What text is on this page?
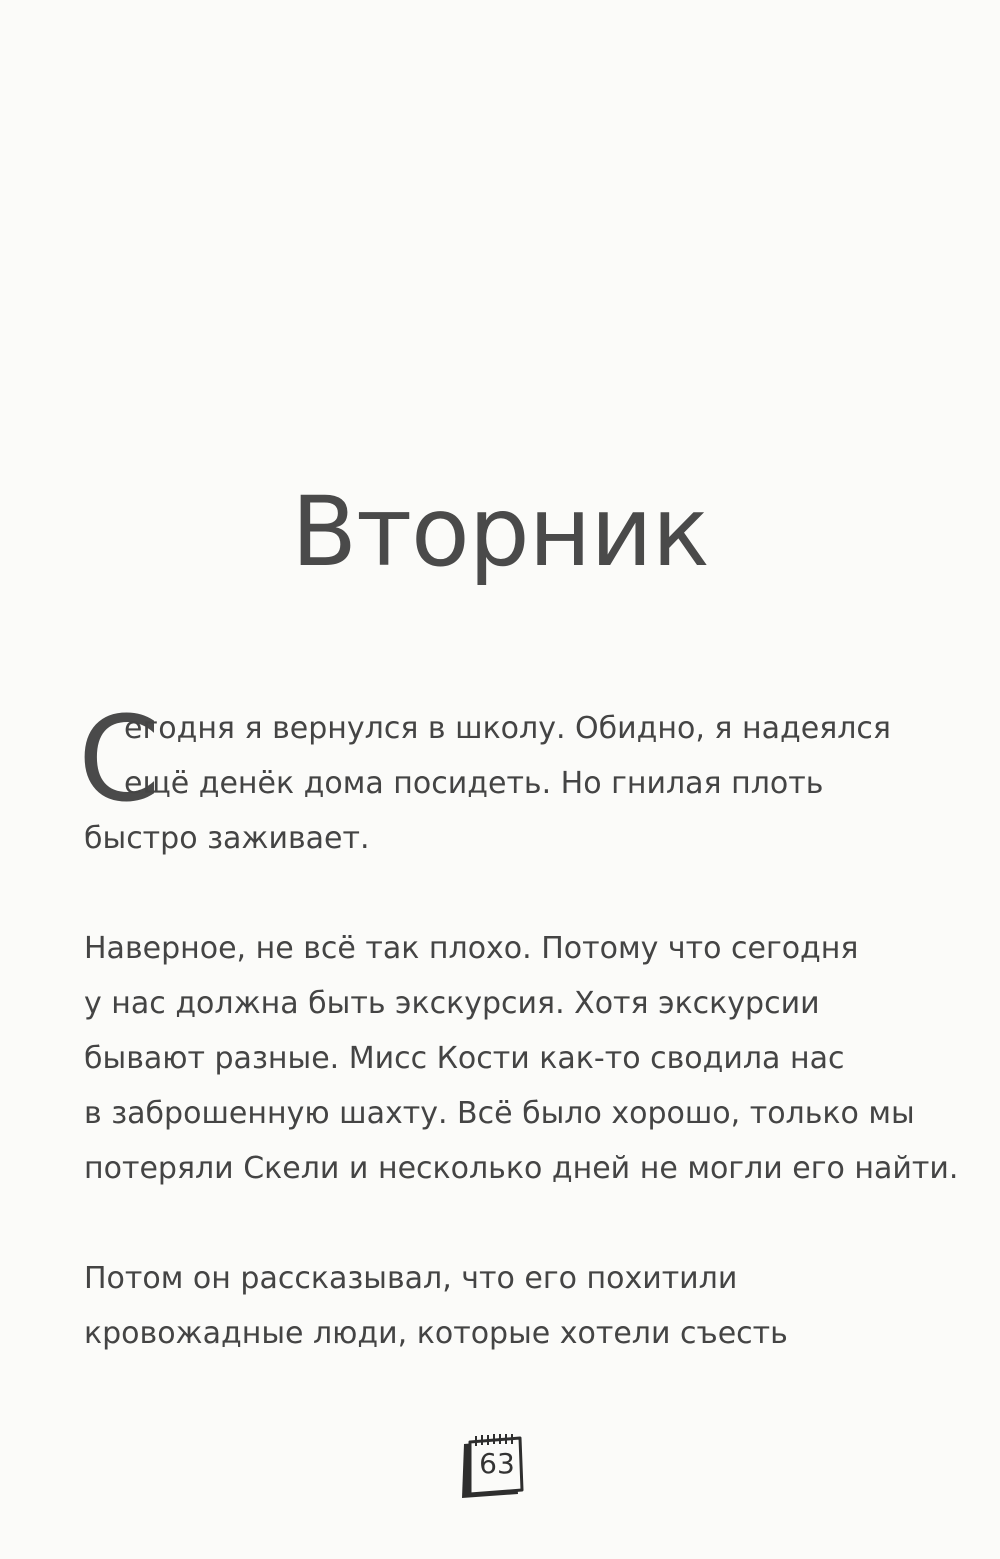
Вторник
С
егодня я вернулся в школу. Обидно, я надеялся
ещё денёк дома посидеть. Но гнилая плоть
быстро заживает.
Наверное, не всё так плохо. Потому что сегодня
у нас должна быть экскурсия. Хотя экскурсии
бывают разные. Мисс Кости как-то сводила нас
в заброшенную шахту. Всё было хорошо, только мы
потеряли Скели и несколько дней не могли его найти.
Потом он рассказывал, что его похитили
кровожадные люди, которые хотели съесть
63
